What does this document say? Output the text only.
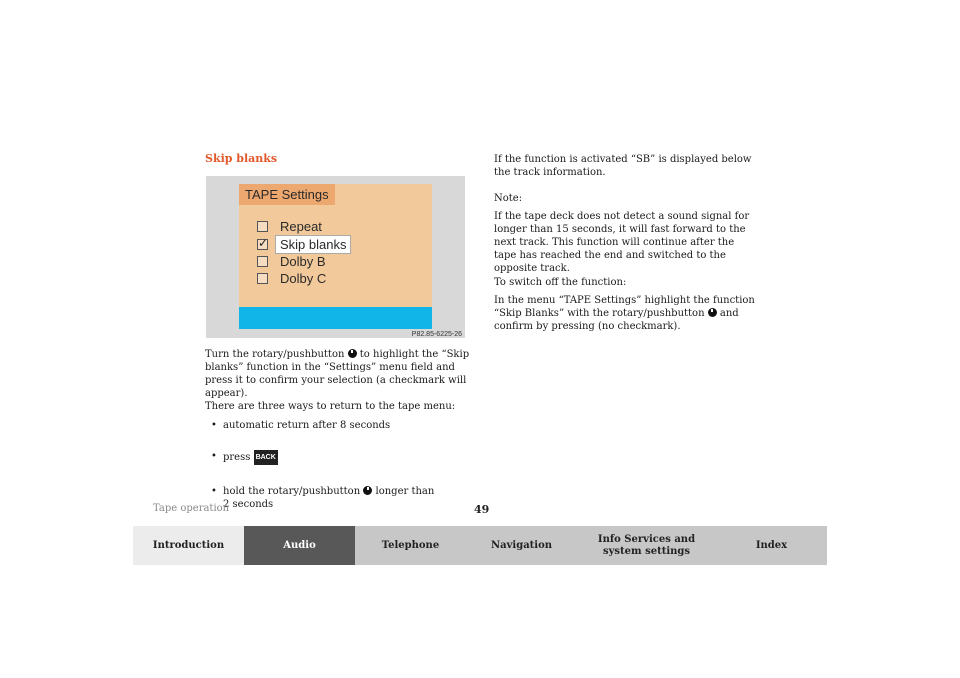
Skip blanks
TAPE Settings
Repeat
✓
Skip blanks
Dolby B
Dolby C
P82.85-6225-26
Turn the rotary/pushbutton to highlight the “Skip blanks” function in the “Settings” menu field and press it to confirm your selection (a checkmark will appear).
There are three ways to return to the tape menu:
• automatic return after 8 seconds
• press BACK
• hold the rotary/pushbutton longer than
2 seconds
If the function is activated “SB” is displayed below the track information.
Note:
If the tape deck does not detect a sound signal for longer than 15 seconds, it will fast forward to the next track. This function will continue after the tape has reached the end and switched to the opposite track.
To switch off the function:
In the menu “TAPE Settings” highlight the function “Skip Blanks” with the rotary/pushbutton and confirm by pressing (no checkmark).
Tape operation	49
Introduction	Audio	Telephone	Navigation
Info Services and system settings
Index
